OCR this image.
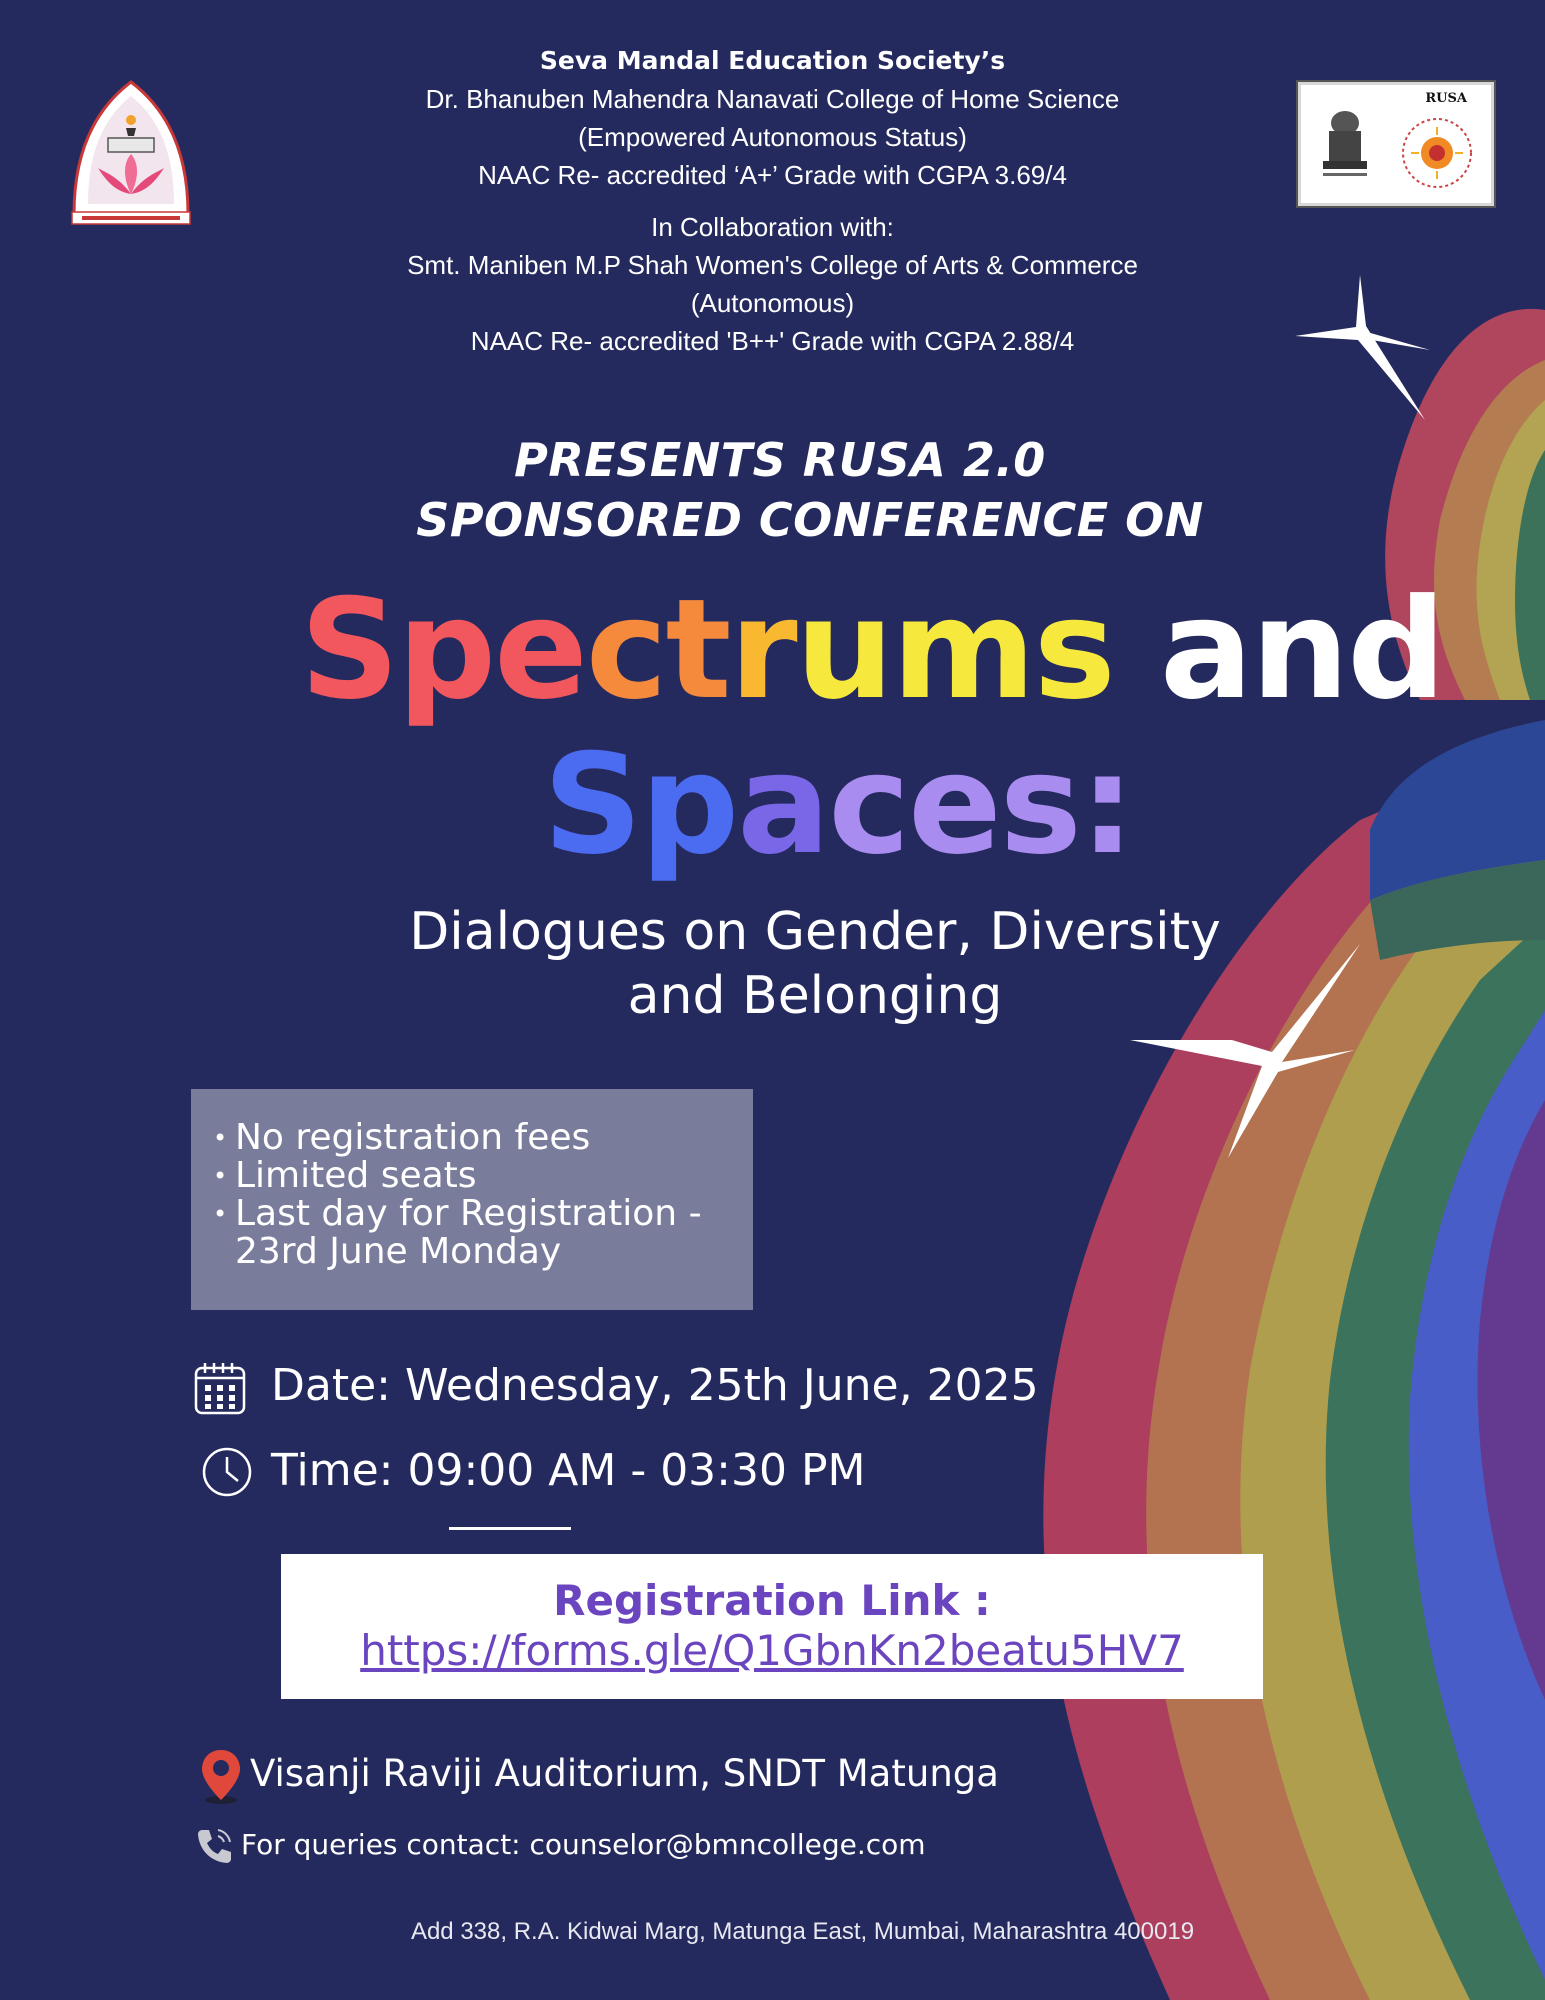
Seva Mandal Education Society’s
Dr. Bhanuben Mahendra Nanavati College of Home Science
(Empowered Autonomous Status)
NAAC Re- accredited ‘A+’ Grade with CGPA 3.69/4
In Collaboration with:
Smt. Maniben M.P Shah Women's College of Arts & Commerce
(Autonomous)
NAAC Re- accredited 'B++' Grade with CGPA 2.88/4
RUSA
PRESENTS RUSA 2.0
SPONSORED CONFERENCE ON
Spectrums and
Spaces:
Dialogues on Gender, Diversity
and Belonging
• No registration fees
• Limited seats
• Last day for Registration -
23rd June Monday
Date: Wednesday, 25th June, 2025
Time: 09:00 AM - 03:30 PM
Registration Link :
https://forms.gle/Q1GbnKn2beatu5HV7
Visanji Raviji Auditorium, SNDT Matunga
For queries contact: counselor@bmncollege.com
Add 338, R.A. Kidwai Marg, Matunga East, Mumbai, Maharashtra 400019
